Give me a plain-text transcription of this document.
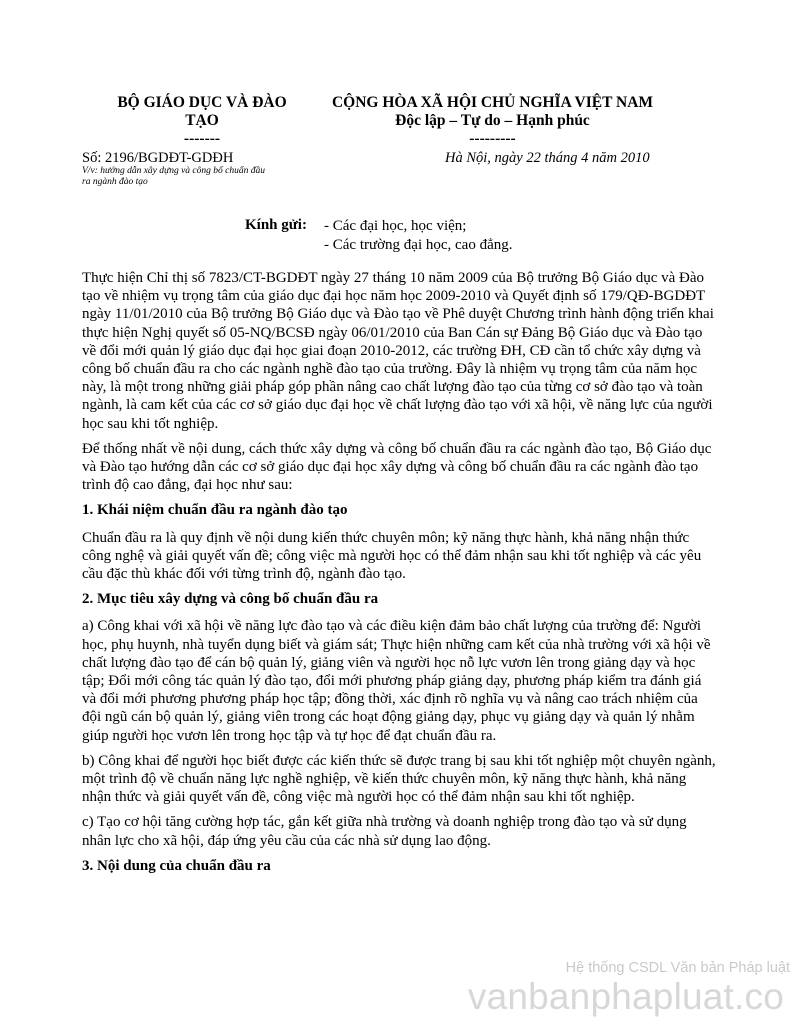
BỘ GIÁO DỤC VÀ ĐÀO
TẠO
-------
CỘNG HÒA XÃ HỘI CHỦ NGHĨA VIỆT NAM
Độc lập – Tự do – Hạnh phúc
---------
Số: 2196/BGDĐT-GDĐH
V/v: hướng dẫn xây dựng và công bố chuẩn đầu
ra ngành đào tạo
Hà Nội, ngày 22 tháng 4 năm 2010
Kính gửi: - Các đại học, học viện;
- Các trường đại học, cao đẳng.

Thực hiện Chỉ thị số 7823/CT-BGDĐT ngày 27 tháng 10 năm 2009 của Bộ trưởng Bộ Giáo dục và Đào tạo về nhiệm vụ trọng tâm của giáo dục đại học năm học 2009-2010 và Quyết định số 179/QĐ-BGDĐT ngày 11/01/2010 của Bộ trưởng Bộ Giáo dục và Đào tạo về Phê duyệt Chương trình hành động triển khai thực hiện Nghị quyết số 05-NQ/BCSĐ ngày 06/01/2010 của Ban Cán sự Đảng Bộ Giáo dục và Đào tạo về đổi mới quản lý giáo dục đại học giai đoạn 2010-2012, các trường ĐH, CĐ cần tổ chức xây dựng và công bố chuẩn đầu ra cho các ngành nghề đào tạo của trường. Đây là nhiệm vụ trọng tâm của năm học này, là một trong những giải pháp góp phần nâng cao chất lượng đào tạo của từng cơ sở đào tạo và toàn ngành, là cam kết của các cơ sở giáo dục đại học về chất lượng đào tạo với xã hội, về năng lực của người học sau khi tốt nghiệp.

Để thống nhất về nội dung, cách thức xây dựng và công bố chuẩn đầu ra các ngành đào tạo, Bộ Giáo dục và Đào tạo hướng dẫn các cơ sở giáo dục đại học xây dựng và công bố chuẩn đầu ra các ngành đào tạo trình độ cao đẳng, đại học như sau:

1. Khái niệm chuẩn đầu ra ngành đào tạo

Chuẩn đầu ra là quy định về nội dung kiến thức chuyên môn; kỹ năng thực hành, khả năng nhận thức công nghệ và giải quyết vấn đề; công việc mà người học có thể đảm nhận sau khi tốt nghiệp và các yêu cầu đặc thù khác đối với từng trình độ, ngành đào tạo.

2. Mục tiêu xây dựng và công bố chuẩn đầu ra

a) Công khai với xã hội về năng lực đào tạo và các điều kiện đảm bảo chất lượng của trường để: Người học, phụ huynh, nhà tuyển dụng biết và giám sát; Thực hiện những cam kết của nhà trường với xã hội về chất lượng đào tạo để cán bộ quản lý, giảng viên và người học nỗ lực vươn lên trong giảng dạy và học tập; Đổi mới công tác quản lý đào tạo, đổi mới phương pháp giảng dạy, phương pháp kiểm tra đánh giá và đổi mới phương phương pháp học tập; đồng thời, xác định rõ nghĩa vụ và nâng cao trách nhiệm của đội ngũ cán bộ quản lý, giảng viên trong các hoạt động giảng dạy, phục vụ giảng dạy và quản lý nhằm giúp người học vươn lên trong học tập và tự học để đạt chuẩn đầu ra.

b) Công khai để người học biết được các kiến thức sẽ được trang bị sau khi tốt nghiệp một chuyên ngành, một trình độ về chuẩn năng lực nghề nghiệp, về kiến thức chuyên môn, kỹ năng thực hành, khả năng nhận thức và giải quyết vấn đề, công việc mà người học có thể đảm nhận sau khi tốt nghiệp.

c) Tạo cơ hội tăng cường hợp tác, gắn kết giữa nhà trường và doanh nghiệp trong đào tạo và sử dụng nhân lực cho xã hội, đáp ứng yêu cầu của các nhà sử dụng lao động.

3. Nội dung của chuẩn đầu ra
Hệ thống CSDL Văn bản Pháp luật
vanbanphapluat.co
